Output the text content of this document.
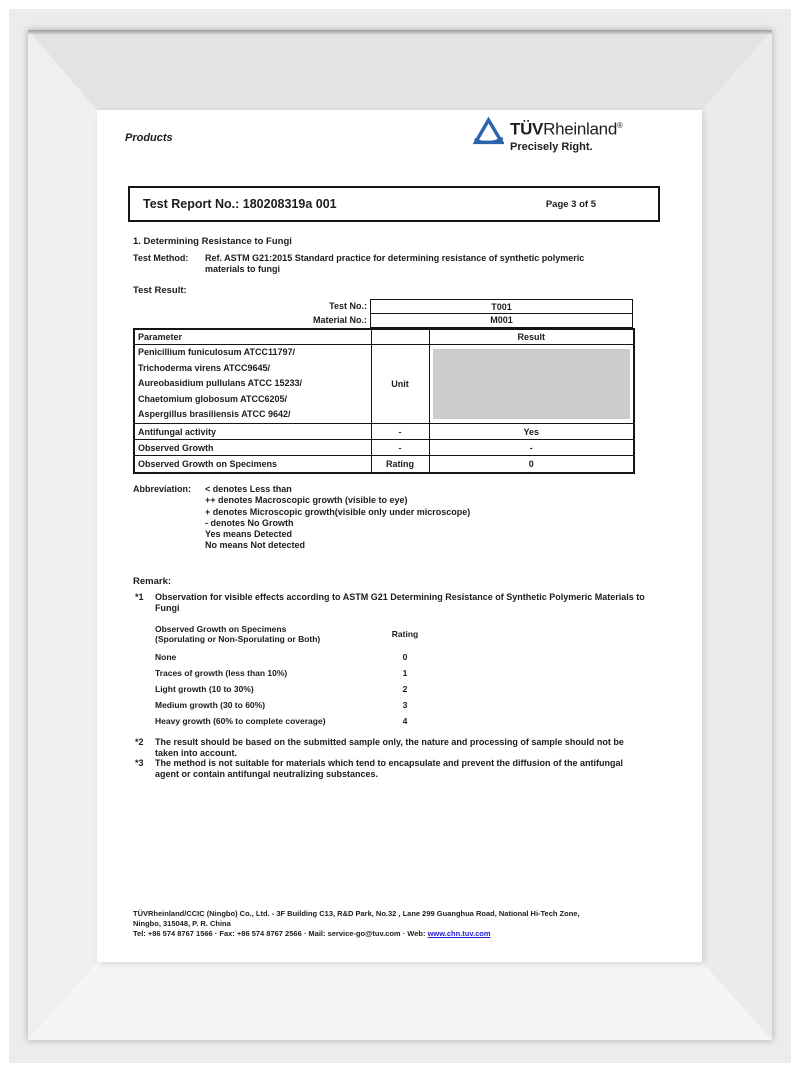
Products	TÜVRheinland®
Precisely Right.
Test Report No.: 180208319a 001	Page 3 of 5
1. Determining Resistance to Fungi
Test Method: Ref. ASTM G21:2015 Standard practice for determining resistance of synthetic polymeric materials to fungi
Test Result:
Test No.:	T001
Material No.:	M001
Parameter		Result

Penicillium funiculosum ATCC11797/
Trichoderma virens ATCC9645/
Aureobasidium pullulans ATCC 15233/
Chaetomium globosum ATCC6205/
Aspergillus brasiliensis ATCC 9642/	Unit	

Antifungal activity	-	Yes
Observed Growth	-	-
Observed Growth on Specimens	Rating	0
Abbreviation: < denotes Less than
++ denotes Macroscopic growth (visible to eye)
+ denotes Microscopic growth(visible only under microscope)
- denotes No Growth
Yes means Detected
No means Not detected
Remark:
*1 Observation for visible effects according to ASTM G21 Determining Resistance of Synthetic Polymeric Materials to Fungi
Observed Growth on Specimens
(Sporulating or Non-Sporulating or Both)	Rating
None	0
Traces of growth (less than 10%)	1
Light growth (10 to 30%)	2
Medium growth (30 to 60%)	3
Heavy growth (60% to complete coverage)	4
*2 The result should be based on the submitted sample only, the nature and processing of sample should not be taken into account.
*3 The method is not suitable for materials which tend to encapsulate and prevent the diffusion of the antifungal agent or contain antifungal neutralizing substances.
TÜVRheinland/CCIC (Ningbo) Co., Ltd. - 3F Building C13, R&D Park, No.32 , Lane 299 Guanghua Road, National Hi-Tech Zone,
Ningbo, 315048, P. R. China
Tel: +86 574 8767 1566 · Fax: +86 574 8767 2566 · Mail: service-go@tuv.com · Web: www.chn.tuv.com
